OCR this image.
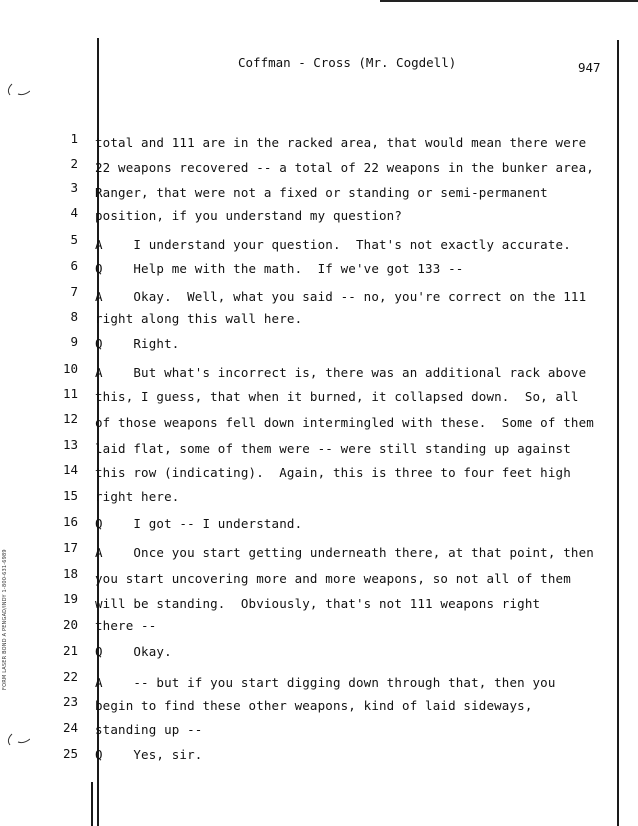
FORM LASER BOND A PENGAD/INDY 1-800-631-6989
Coffman - Cross (Mr. Cogdell)	947
1 total and 111 are in the racked area, that would mean there were
2 22 weapons recovered -- a total of 22 weapons in the bunker area,
3 Ranger, that were not a fixed or standing or semi-permanent
4 position, if you understand my question?
5 A    I understand your question.  That's not exactly accurate.
6 Q    Help me with the math.  If we've got 133 --
7 A    Okay.  Well, what you said -- no, you're correct on the 111
8 right along this wall here.
9 Q    Right.
10 A    But what's incorrect is, there was an additional rack above
11 this, I guess, that when it burned, it collapsed down.  So, all
12 of those weapons fell down intermingled with these.  Some of them
13 laid flat, some of them were -- were still standing up against
14 this row (indicating).  Again, this is three to four feet high
15 right here.
16 Q    I got -- I understand.
17 A    Once you start getting underneath there, at that point, then
18 you start uncovering more and more weapons, so not all of them
19 will be standing.  Obviously, that's not 111 weapons right
20 there --
21 Q    Okay.
22 A    -- but if you start digging down through that, then you
23 begin to find these other weapons, kind of laid sideways,
24 standing up --
25 Q    Yes, sir.
